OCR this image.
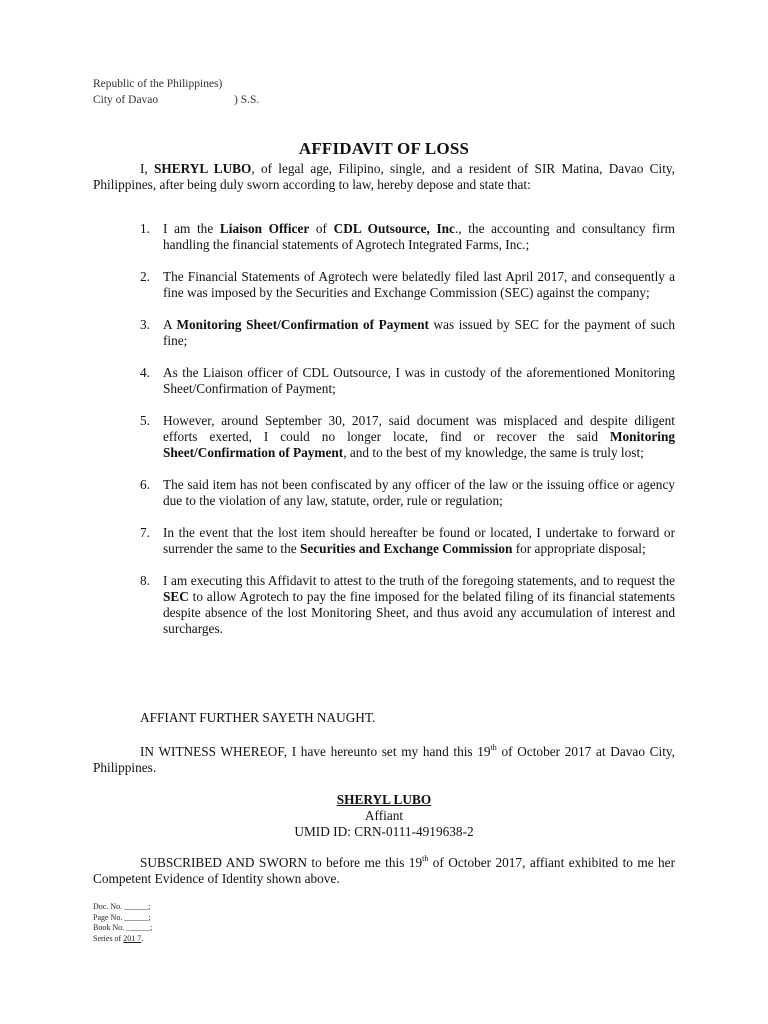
Republic of the Philippines)
City of Davao	) S.S.
AFFIDAVIT OF LOSS

I, SHERYL LUBO, of legal age, Filipino, single, and a resident of SIR Matina, Davao City, Philippines, after being duly sworn according to law, hereby depose and state that:

1. I am the Liaison Officer of CDL Outsource, Inc., the accounting and consultancy firm handling the financial statements of Agrotech Integrated Farms, Inc.;
2. The Financial Statements of Agrotech were belatedly filed last April 2017, and consequently a fine was imposed by the Securities and Exchange Commission (SEC) against the company;
3. A Monitoring Sheet/Confirmation of Payment was issued by SEC for the payment of such fine;
4. As the Liaison officer of CDL Outsource, I was in custody of the aforementioned Monitoring Sheet/Confirmation of Payment;
5. However, around September 30, 2017, said document was misplaced and despite diligent efforts exerted, I could no longer locate, find or recover the said Monitoring Sheet/Confirmation of Payment, and to the best of my knowledge, the same is truly lost;
6. The said item has not been confiscated by any officer of the law or the issuing office or agency due to the violation of any law, statute, order, rule or regulation;
7. In the event that the lost item should hereafter be found or located, I undertake to forward or surrender the same to the Securities and Exchange Commission for appropriate disposal;
8. I am executing this Affidavit to attest to the truth of the foregoing statements, and to request the SEC to allow Agrotech to pay the fine imposed for the belated filing of its financial statements despite absence of the lost Monitoring Sheet, and thus avoid any accumulation of interest and surcharges.

AFFIANT FURTHER SAYETH NAUGHT.

IN WITNESS WHEREOF, I have hereunto set my hand this 19th of October 2017 at Davao City, Philippines.

SHERYL LUBO
Affiant
UMID ID: CRN-0111-4919638-2

SUBSCRIBED AND SWORN to before me this 19th of October 2017, affiant exhibited to me her Competent Evidence of Identity shown above.

Doc. No. ______;
Page No. ______;
Book No. ______;
Series of 201 7.
